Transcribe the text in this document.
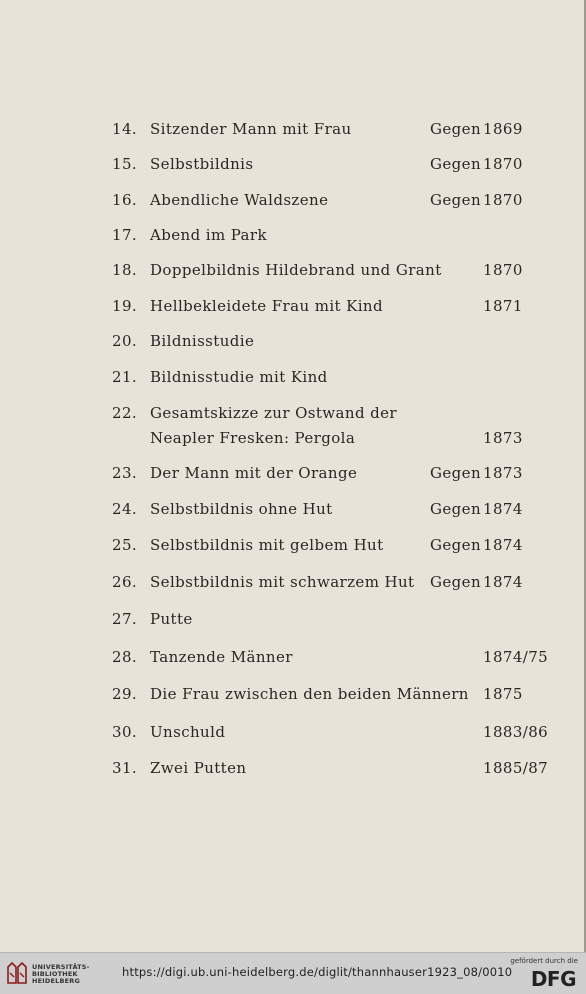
14. Sitzender Mann mit Frau	Gegen 1869
15. Selbstbildnis	Gegen 1870
16. Abendliche Waldszene	Gegen 1870
17. Abend im Park
18. Doppelbildnis Hildebrand und Grant	1870
19. Hellbekleidete Frau mit Kind	1871
20. Bildnisstudie
21. Bildnisstudie mit Kind
22. Gesamtskizze zur Ostwand der
Neapler Fresken: Pergola	1873
23. Der Mann mit der Orange	Gegen 1873
24. Selbstbildnis ohne Hut	Gegen 1874
25. Selbstbildnis mit gelbem Hut	Gegen 1874
26. Selbstbildnis mit schwarzem Hut Gegen 1874
27. Putte
28. Tanzende Männer	1874/75
29. Die Frau zwischen den beiden Männern 1875
30. Unschuld	1883/86
31. Zwei Putten	1885/87
UNIVERSITÄTS-
BIBLIOTHEK
HEIDELBERG
https://digi.ub.uni-heidelberg.de/diglit/thannhauser1923_08/0010
gefördert durch die
DFG
